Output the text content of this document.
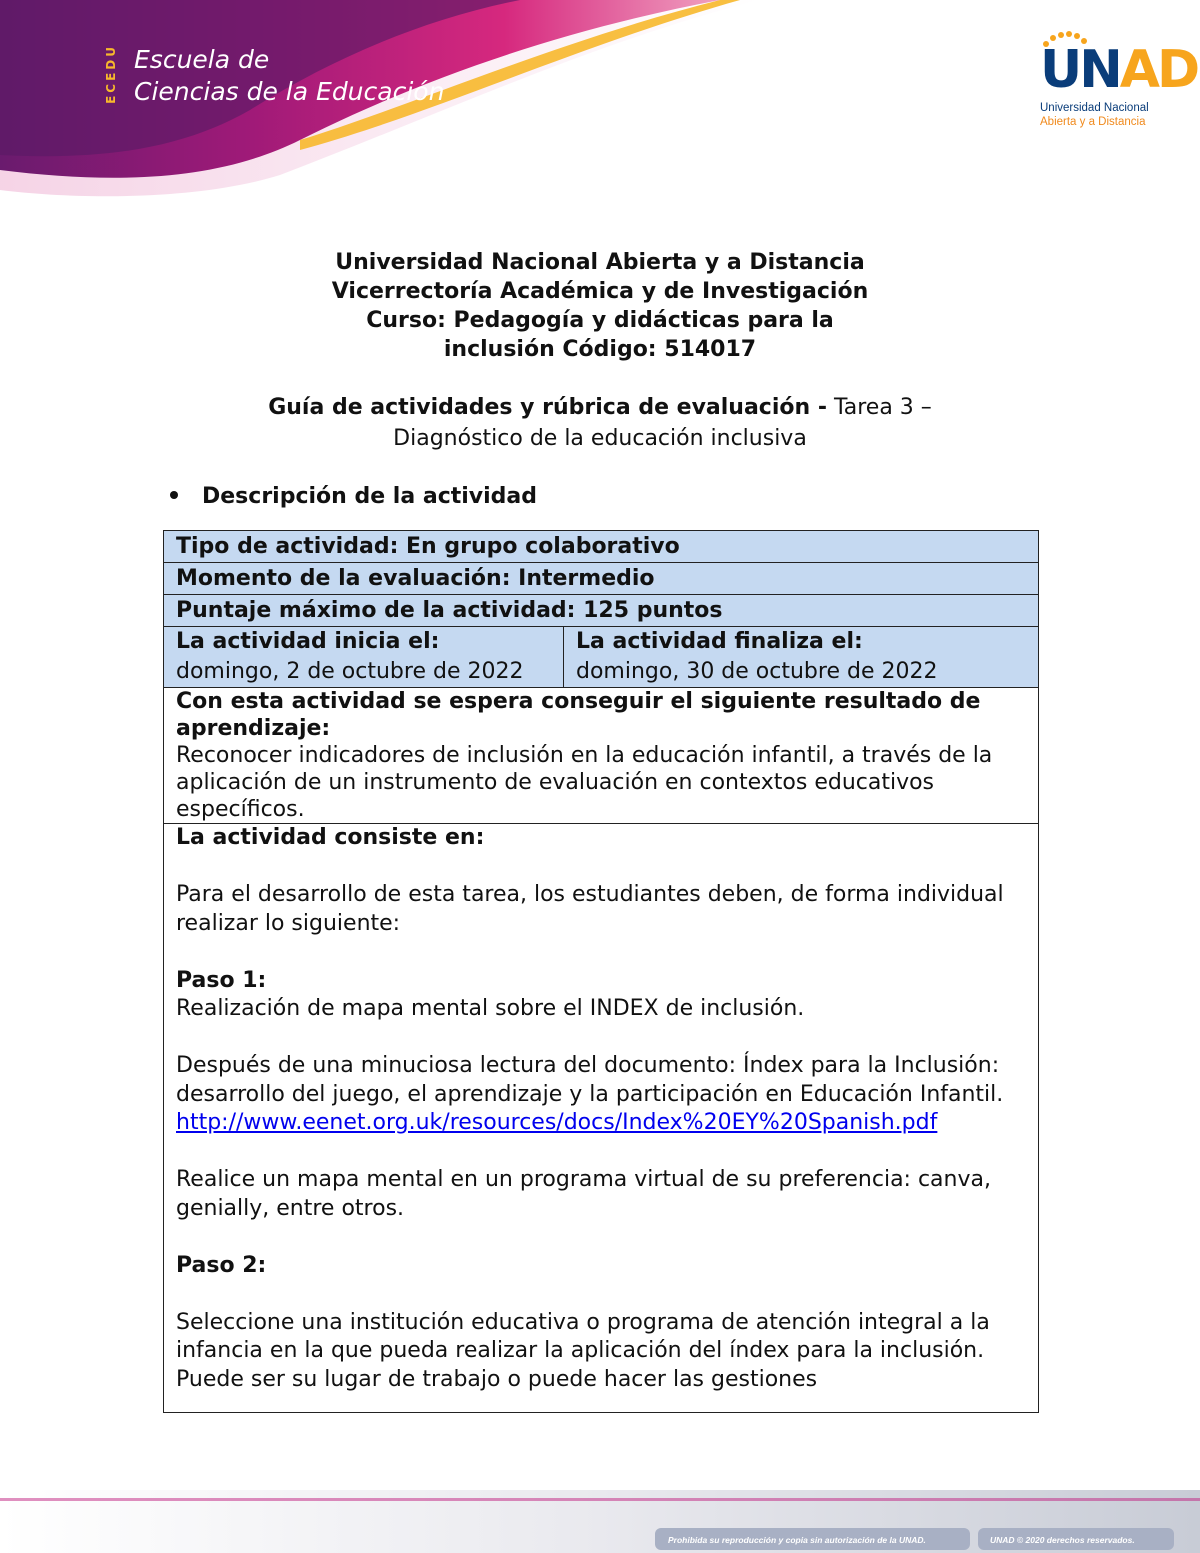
ECEDU Escuela de
Ciencias de la Educación	UNAD
Universidad Nacional
Abierta y a Distancia
Universidad Nacional Abierta y a Distancia
Vicerrectoría Académica y de Investigación
Curso: Pedagogía y didácticas para la
inclusión Código: 514017
Guía de actividades y rúbrica de evaluación - Tarea 3 –
Diagnóstico de la educación inclusiva
Descripción de la actividad
Tipo de actividad: En grupo colaborativo
Momento de la evaluación: Intermedio
Puntaje máximo de la actividad: 125 puntos

La actividad inicia el:
domingo, 2 de octubre de 2022	
La actividad finaliza el:
domingo, 30 de octubre de 2022

Con esta actividad se espera conseguir el siguiente resultado de aprendizaje:
Reconocer indicadores de inclusión en la educación infantil, a través de la aplicación de un instrumento de evaluación en contextos educativos específicos.

La actividad consiste en:
Para el desarrollo de esta tarea, los estudiantes deben, de forma individual realizar lo siguiente:
Paso 1:
Realización de mapa mental sobre el INDEX de inclusión.
Después de una minuciosa lectura del documento: Índex para la Inclusión: desarrollo del juego, el aprendizaje y la participación en Educación Infantil.
http://www.eenet.org.uk/resources/docs/Index%20EY%20Spanish.pdf
Realice un mapa mental en un programa virtual de su preferencia: canva, genially, entre otros.
Paso 2:
Seleccione una institución educativa o programa de atención integral a la infancia en la que pueda realizar la aplicación del índex para la inclusión. Puede ser su lugar de trabajo o puede hacer las gestiones
Prohibida su reproducción y copia sin autorización de la UNAD.	UNAD © 2020 derechos reservados.
